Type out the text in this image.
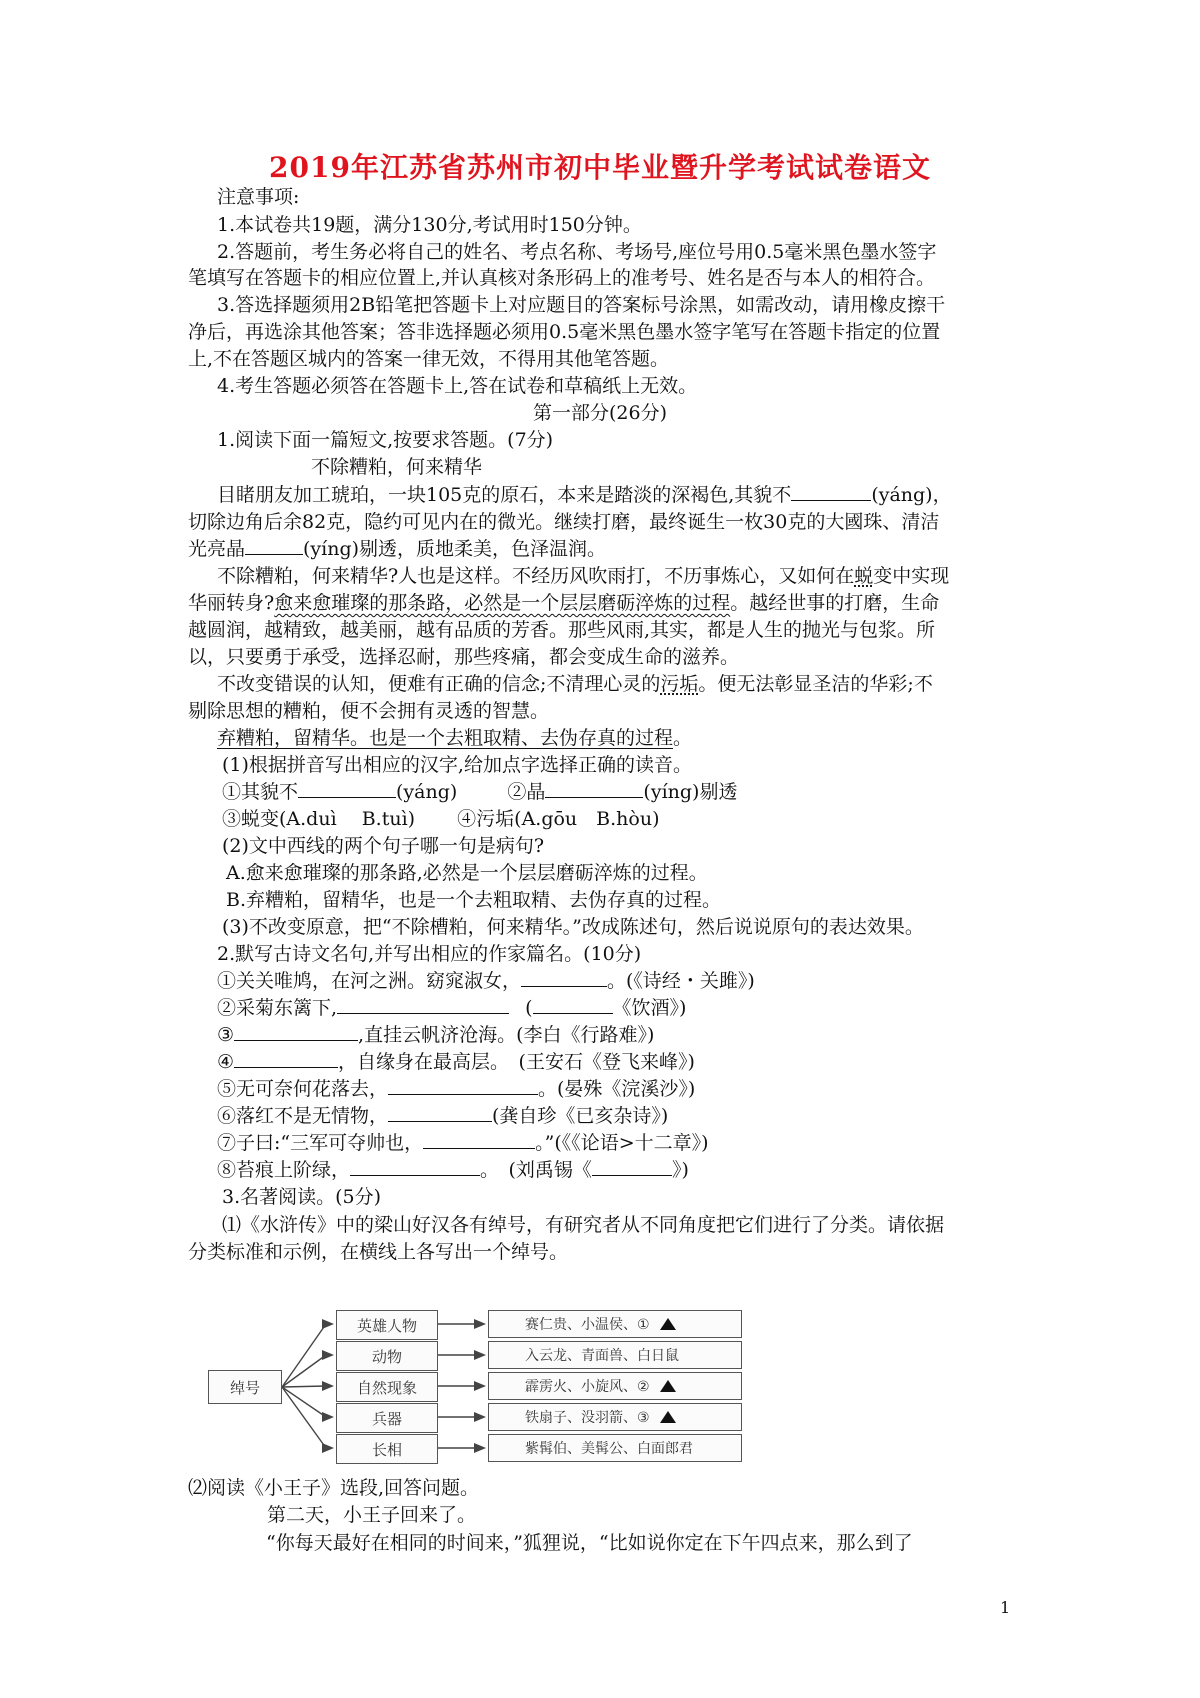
2019年江苏省苏州市初中毕业暨升学考试试卷语文
注意事项:
1.本试卷共19题，满分130分,考试用时150分钟。
2.答题前，考生务必将自己的姓名、考点名称、考场号,座位号用0.5毫米黑色墨水签字
笔填写在答题卡的相应位置上,并认真核对条形码上的准考号、姓名是否与本人的相符合。
3.答选择题须用2B铅笔把答题卡上对应题目的答案标号涂黑，如需改动，请用橡皮擦干
净后，再选涂其他答案；答非选择题必须用0.5毫米黑色墨水签字笔写在答题卡指定的位置
上,不在答题区城内的答案一律无效，不得用其他笔答题。
4.考生答题必须答在答题卡上,答在试卷和草稿纸上无效。
第一部分(26分)
1.阅读下面一篇短文,按要求答题。(7分)
不除糟粕，何来精华
目睹朋友加工琥珀，一块105克的原石，本来是踏淡的深褐色,其貌不	(yáng)，
切除边角后余82克，隐约可见内在的微光。继续打磨，最终诞生一枚30克的大國珠、清洁
光亮晶	(yíng)剔透，质地柔美，色泽温润。
不除糟粕，何来精华?人也是这样。不经历风吹雨打，不历事炼心，又如何在蜕变中实现
华丽转身?愈来愈璀璨的那条路，必然是一个层层磨砺淬炼的过程。越经世事的打磨，生命
越圆润，越精致，越美丽，越有品质的芳香。那些风雨,其实，都是人生的抛光与包浆。所
以，只要勇于承受，选择忍耐，那些疼痛，都会变成生命的滋养。
不改变错误的认知，便难有正确的信念;不清理心灵的污垢。便无法彰显圣洁的华彩;不
剔除思想的糟粕，便不会拥有灵透的智慧。
弃糟粕，留精华。也是一个去粗取精、去伪存真的过程。
(1)根据拼音写出相应的汉字,给加点字选择正确的读音。
①其貌不	(yáng)	②晶	(yíng)剔透
③蜕变(A.duì　 B.tuì) ④污垢(A.gōu　B.hòu)
(2)文中西线的两个句子哪一句是病句?
A.愈来愈璀璨的那条路,必然是一个层层磨砺淬炼的过程。
B.弃糟粕，留精华，也是一个去粗取精、去伪存真的过程。
(3)不改变原意，把“不除槽粕，何来精华。”改成陈述句，然后说说原句的表达效果。
2.默写古诗文名句,并写出相应的作家篇名。(10分)
①关关唯鸠，在河之洲。窈窕淑女，	。(《诗经・关雎》)
②采菊东篱下,	(	《饮酒》)
③	,直挂云帆济沧海。(李白《行路难》)
④	，自缘身在最高层。　(王安石《登飞来峰》)
⑤无可奈何花落去，	。(晏殊《浣溪沙》)
⑥落红不是无情物，	(龚自珍《已亥杂诗》)
⑦子曰:“三军可夺帅也，	。”(《《论语>十二章》)
⑧苔痕上阶绿，	。　(刘禹锡《	》)
3.名著阅读。(5分)
⑴《水浒传》中的梁山好汉各有绰号，有研究者从不同角度把它们进行了分类。请依据
分类标准和示例，在横线上各写出一个绰号。
绰号
英雄人物
动物
自然现象
兵器
长相
赛仁贵、小温侯、①
入云龙、青面兽、白日鼠
霹雳火、小旋风、②
铁扇子、没羽箭、③
紫髯伯、美髯公、白面郎君
⑵阅读《小王子》选段,回答问题。
第二天，小王子回来了。
“你每天最好在相同的时间来，”狐狸说，“比如说你定在下午四点来，那么到了
1
